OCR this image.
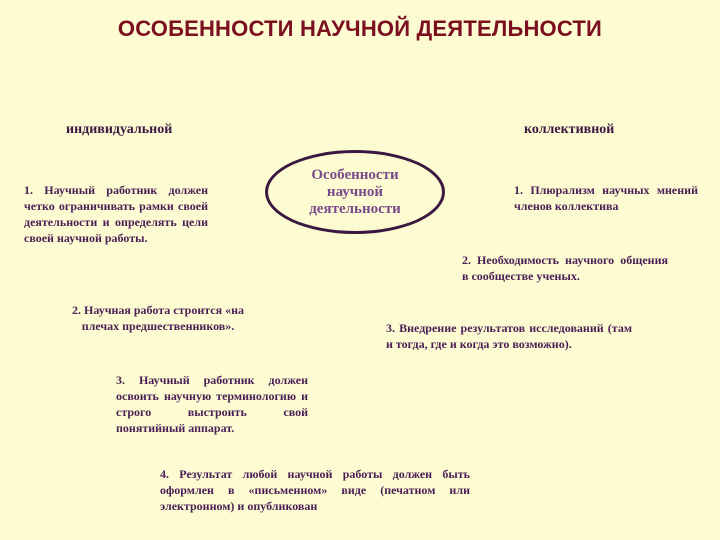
ОСОБЕННОСТИ НАУЧНОЙ ДЕЯТЕЛЬНОСТИ
индивидуальной	коллективной
Особенности
научной
деятельности
1. Научный работник должен четко ограничивать рамки своей деятельности и определять цели своей научной работы.
2. Научная работа строится «на плечах предшественников».
3. Научный работник должен освоить научную терминологию и строго выстроить свой понятийный аппарат.
4. Результат любой научной работы должен быть оформлен в «письменном» виде (печатном или электронном) и опубликован
1. Плюрализм научных мнений членов коллектива
2. Необходимость научного общения в сообществе ученых.
3. Внедрение результатов исследований (там и тогда, где и когда это возможно).
